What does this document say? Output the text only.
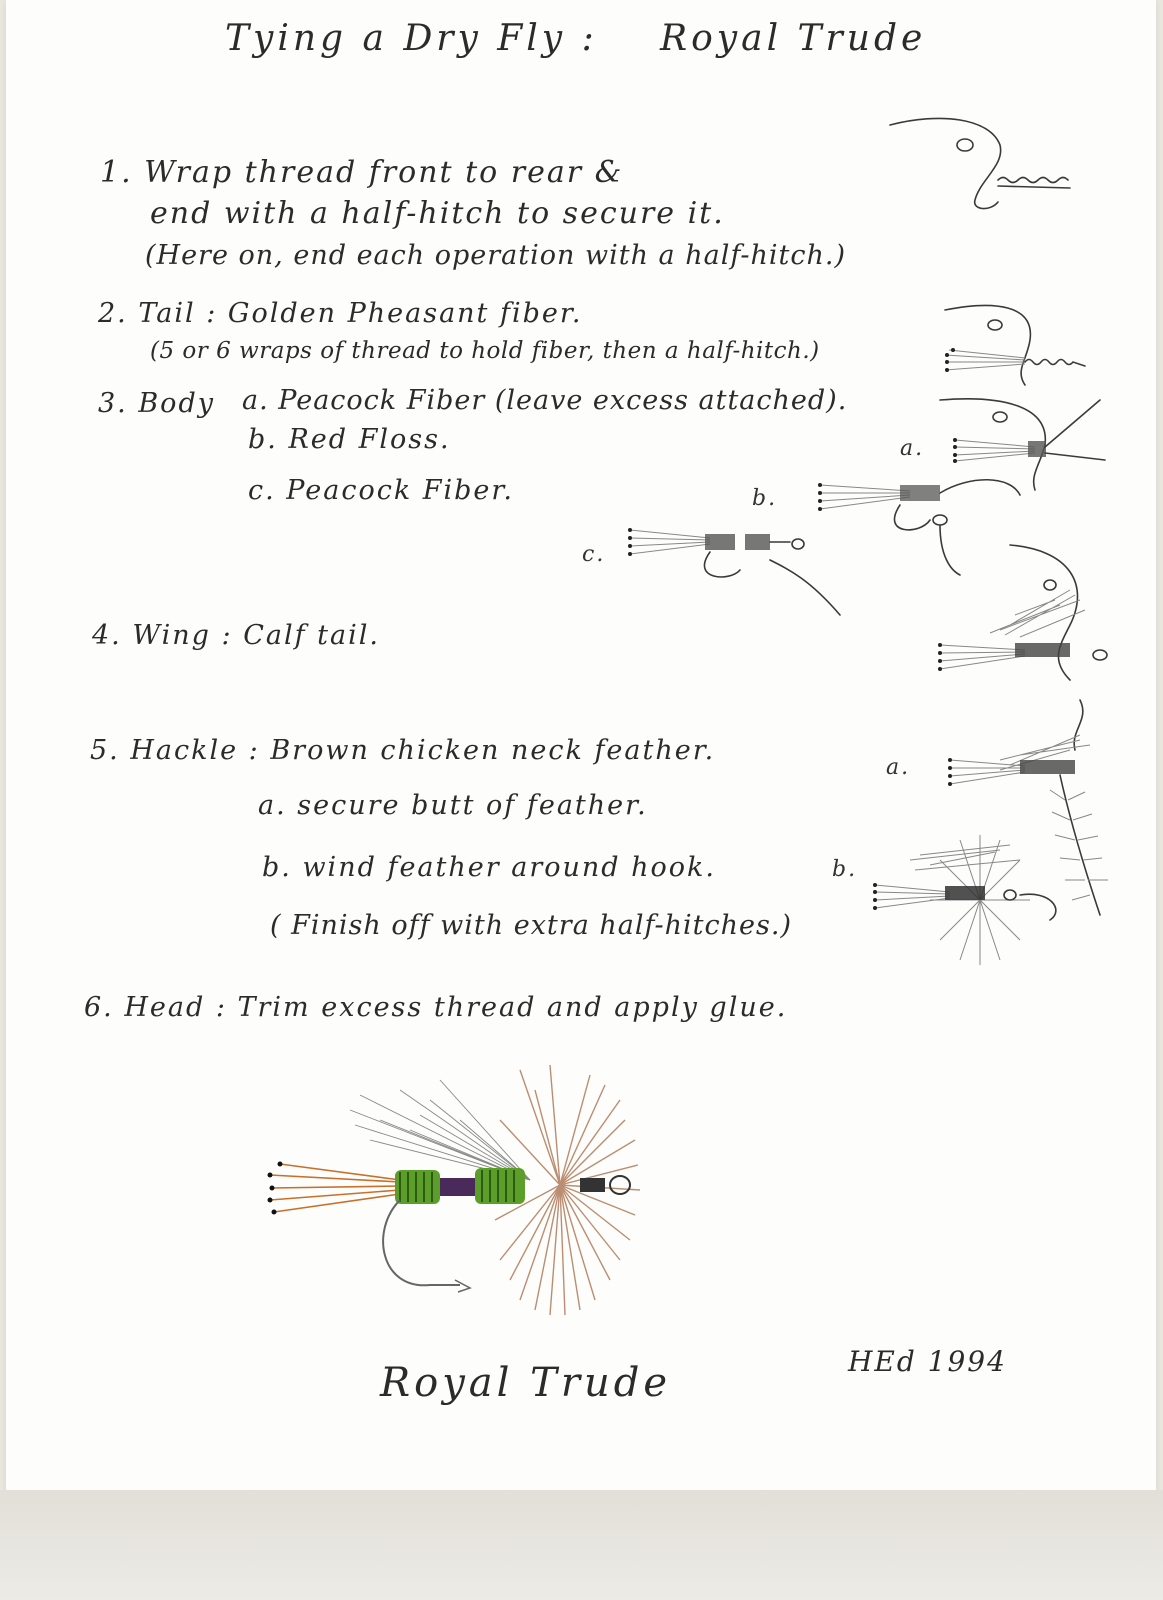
Tying a Dry Fly : Royal Trude
1. Wrap thread front to rear &
end with a half-hitch to secure it.
(Here on, end each operation with a half-hitch.)
2. Tail : Golden Pheasant fiber.
(5 or 6 wraps of thread to hold fiber, then a half-hitch.)
3. Body a. Peacock Fiber (leave excess attached).
b. Red Floss.
c. Peacock Fiber.
4. Wing : Calf tail.
5. Hackle : Brown chicken neck feather.
a. secure butt of feather.
b. wind feather around hook.
( Finish off with extra half-hitches.)
6. Head : Trim excess thread and apply glue.
a.
b.
c.
a.
b.
Royal Trude	HEd 1994
